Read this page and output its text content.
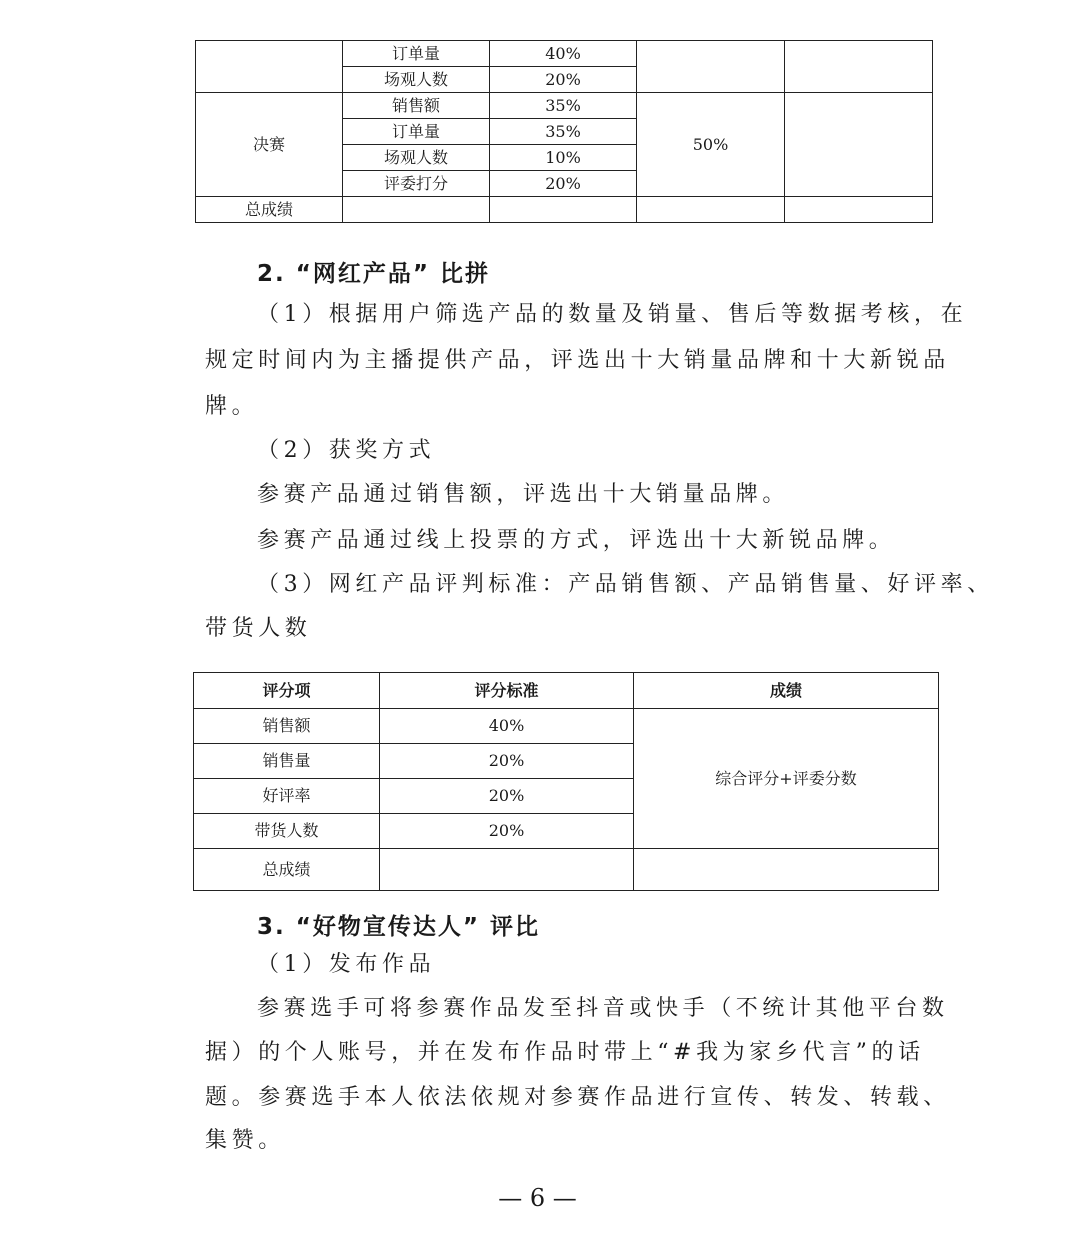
	订单量	40%		
	场观人数	20%		
决赛	销售额	35%	50%	
	订单量	35%		
	场观人数	10%		
	评委打分	20%		
总成绩				
2. “网红产品” 比拼
（1）根据用户筛选产品的数量及销量、售后等数据考核，在
规定时间内为主播提供产品，评选出十大销量品牌和十大新锐品
牌。
（2）获奖方式
参赛产品通过销售额，评选出十大销量品牌。
参赛产品通过线上投票的方式，评选出十大新锐品牌。
（3）网红产品评判标准：产品销售额、产品销售量、好评率、
带货人数
评分项	评分标准	成绩
销售额	40%	综合评分+评委分数
销售量	20%	
好评率	20%	
带货人数	20%	
总成绩		
3. “好物宣传达人” 评比
（1）发布作品
参赛选手可将参赛作品发至抖音或快手（不统计其他平台数
据）的个人账号，并在发布作品时带上“#我为家乡代言”的话
题。参赛选手本人依法依规对参赛作品进行宣传、转发、转载、
集赞。
— 6 —
